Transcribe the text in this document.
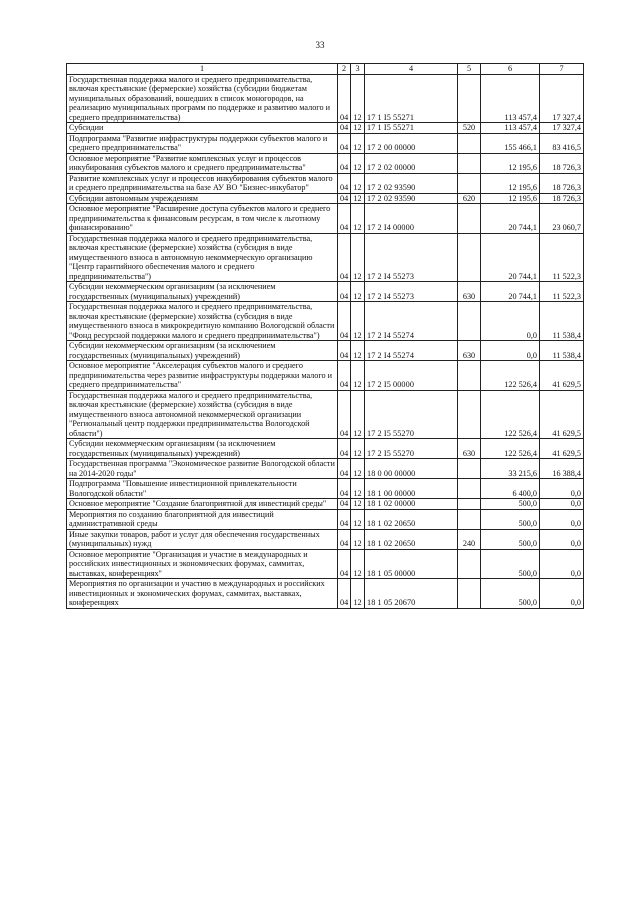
33
1	2	3	4	5	6	7
Государственная поддержка малого и среднего предпринимательства, включая крестьянские (фермерские) хозяйства (субсидии бюджетам муниципальных образований, вошедших в список моногородов, на реализацию муниципальных программ по поддержке и развитию малого и среднего предпринимательства)	04	12	17 1 I5 55271		113 457,4	17 327,4
Субсидии	04	12	17 1 I5 55271	520	113 457,4	17 327,4
Подпрограмма "Развитие инфраструктуры поддержки субъектов малого и среднего предпринимательства"	04	12	17 2 00 00000		155 466,1	83 416,5
Основное мероприятие "Развитие комплексных услуг и процессов инкубирования субъектов малого и среднего предпринимательства"	04	12	17 2 02 00000		12 195,6	18 726,3
Развитие комплексных услуг и процессов инкубирования субъектов малого и среднего предпринимательства на базе АУ ВО "Бизнес-инкубатор"	04	12	17 2 02 93590		12 195,6	18 726,3
Субсидии автономным учреждениям	04	12	17 2 02 93590	620	12 195,6	18 726,3
Основное мероприятие "Расширение доступа субъектов малого и среднего предпринимательства к финансовым ресурсам, в том числе к льготному финансированию"	04	12	17 2 I4 00000		20 744,1	23 060,7
Государственная поддержка малого и среднего предпринимательства, включая крестьянские (фермерские) хозяйства (субсидия в виде имущественного взноса в автономную некоммерческую организацию "Центр гарантийного обеспечения малого и среднего предпринимательства")	04	12	17 2 I4 55273		20 744,1	11 522,3
Субсидии некоммерческим организациям (за исключением государственных (муниципальных) учреждений)	04	12	17 2 I4 55273	630	20 744,1	11 522,3
Государственная поддержка малого и среднего предпринимательства, включая крестьянские (фермерские) хозяйства (субсидия в виде имущественного взноса в микрокредитную компанию Вологодской области "Фонд ресурсной поддержки малого и среднего предпринимательства")	04	12	17 2 I4 55274		0,0	11 538,4
Субсидии некоммерческим организациям (за исключением государственных (муниципальных) учреждений)	04	12	17 2 I4 55274	630	0,0	11 538,4
Основное мероприятие "Акселерация субъектов малого и среднего предпринимательства через развитие инфраструктуры поддержки малого и среднего предпринимательства"	04	12	17 2 I5 00000		122 526,4	41 629,5
Государственная поддержка малого и среднего предпринимательства, включая крестьянские (фермерские) хозяйства (субсидия в виде имущественного взноса автономной некоммерческой организации "Региональный центр поддержки предпринимательства Вологодской области")	04	12	17 2 I5 55270		122 526,4	41 629,5
Субсидии некоммерческим организациям (за исключением государственных (муниципальных) учреждений)	04	12	17 2 I5 55270	630	122 526,4	41 629,5
Государственная программа "Экономическое развитие Вологодской области на 2014-2020 годы"	04	12	18 0 00 00000		33 215,6	16 388,4
Подпрограмма "Повышение инвестиционной привлекательности Вологодской области"	04	12	18 1 00 00000		6 400,0	0,0
Основное мероприятие "Создание благоприятной для инвестиций среды"	04	12	18 1 02 00000		500,0	0,0
Мероприятия по созданию благоприятной для инвестиций административной среды	04	12	18 1 02 20650		500,0	0,0
Иные закупки товаров, работ и услуг для обеспечения государственных (муниципальных) нужд	04	12	18 1 02 20650	240	500,0	0,0
Основное мероприятие "Организация и участие в международных и российских инвестиционных и экономических форумах, саммитах, выставках, конференциях"	04	12	18 1 05 00000		500,0	0,0
Мероприятия по организации и участию в международных и российских инвестиционных и экономических форумах, саммитах, выставках, конференциях	04	12	18 1 05 20670		500,0	0,0
